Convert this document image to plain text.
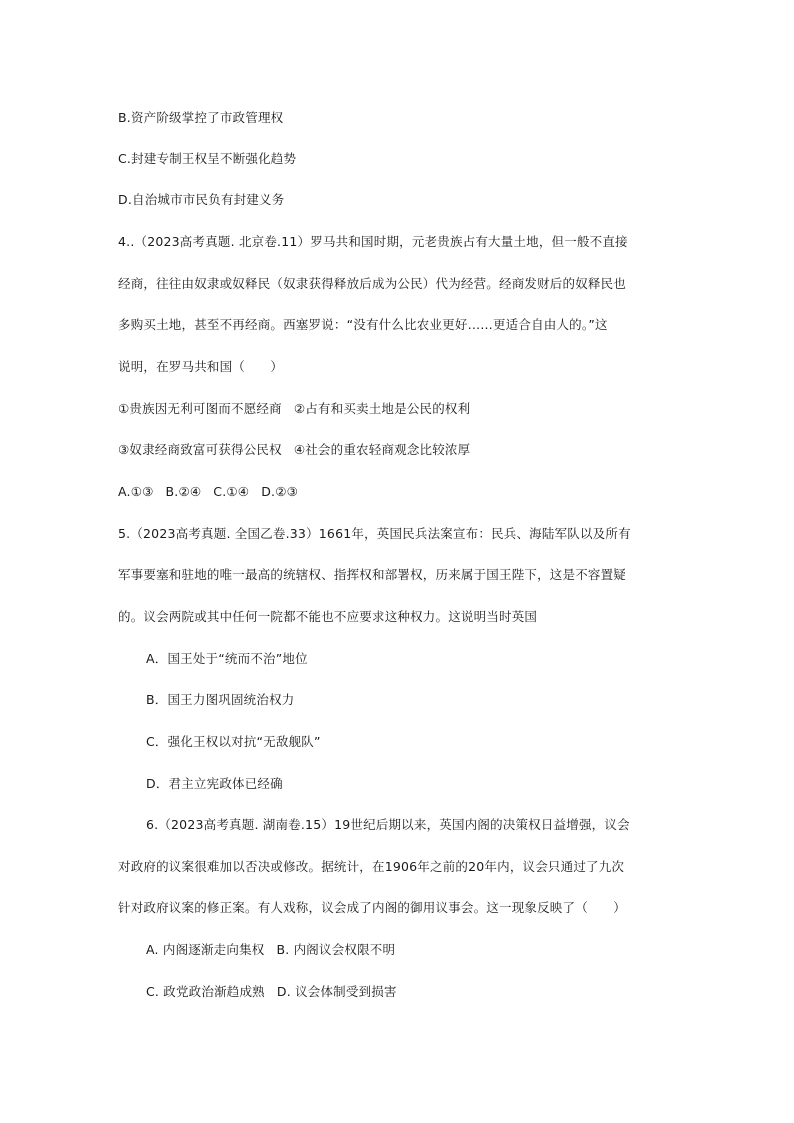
B.资产阶级掌控了市政管理权
C.封建专制王权呈不断强化趋势
D.自治城市市民负有封建义务
4..（2023高考真题. 北京卷.11）罗马共和国时期，元老贵族占有大量土地，但一般不直接
经商，往往由奴隶或奴释民（奴隶获得释放后成为公民）代为经营。经商发财后的奴释民也
多购买土地，甚至不再经商。西塞罗说：“没有什么比农业更好……更适合自由人的。”这
说明，在罗马共和国（　　）
①贵族因无利可图而不愿经商 ②占有和买卖土地是公民的权利
③奴隶经商致富可获得公民权 ④社会的重农轻商观念比较浓厚
A.①③ B.②④ C.①④ D.②③
5.（2023高考真题. 全国乙卷.33）1661年，英国民兵法案宣布：民兵、海陆军队以及所有
军事要塞和驻地的唯一最高的统辖权、指挥权和部署权，历来属于国王陛下，这是不容置疑
的。议会两院或其中任何一院都不能也不应要求这种权力。这说明当时英国
A．国王处于“统而不治”地位
B．国王力图巩固统治权力
C．强化王权以对抗“无敌舰队”
D．君主立宪政体已经确
6.（2023高考真题. 湖南卷.15）19世纪后期以来，英国内阁的决策权日益增强，议会
对政府的议案很难加以否决或修改。据统计，在1906年之前的20年内，议会只通过了九次
针对政府议案的修正案。有人戏称，议会成了内阁的御用议事会。这一现象反映了（　　）
A. 内阁逐渐走向集权 B. 内阁议会权限不明
C. 政党政治渐趋成熟 D. 议会体制受到损害
